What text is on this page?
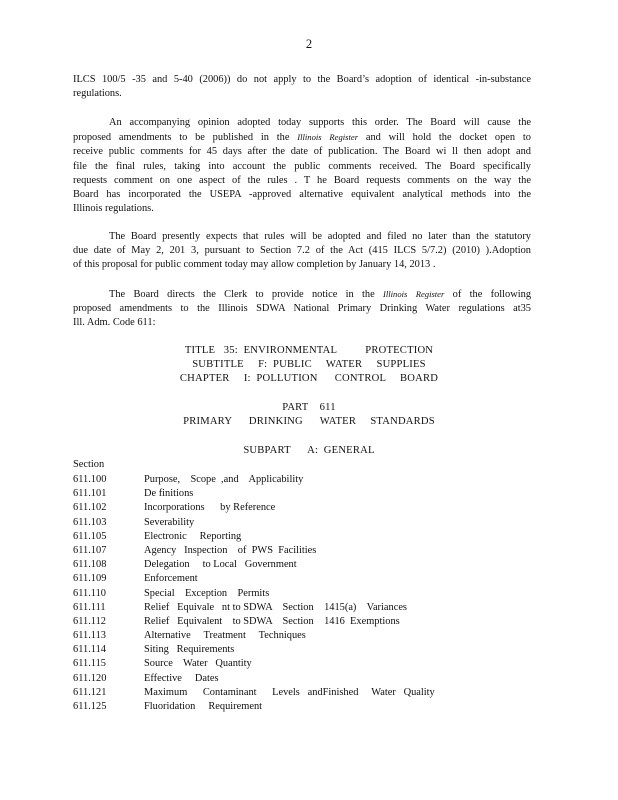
2
ILCS 100/5 -35 and 5-40 (2006)) do not apply to the Board’s adoption of identical -in-substance
regulations.
An accompanying opinion adopted today supports this order. The Board will cause the
proposed amendments to be published in the Illinois Register and will hold the docket open to
receive public comments for 45 days after the date of publication. The Board wi ll then adopt and
file the final rules, taking into account the public comments received. The Board specifically
requests comment on one aspect of the rules . T he Board requests comments on the way the
Board has incorporated the USEPA -approved alternative equivalent analytical methods into the
Illinois regulations.
The Board presently expects that rules will be adopted and filed no later than the statutory
due date of May 2, 201 3, pursuant to Section 7.2 of the Act (415 ILCS 5/7.2) (2010) ).Adoption
of this proposal for public comment today may allow completion by January 14, 2013 .
The Board directs the Clerk to provide notice in the Illinois Register of the following
proposed amendments to the Illinois SDWA National Primary Drinking Water regulations at35
Ill. Adm. Code 611:
TITLE   35:  ENVIRONMENTAL          PROTECTION
SUBTITLE     F:  PUBLIC     WATER     SUPPLIES
CHAPTER     I:  POLLUTION      CONTROL     BOARD
PART    611
PRIMARY      DRINKING      WATER     STANDARDS
SUBPART      A:  GENERAL
Section
611.100	Purpose,    Scope  ,and    Applicability
611.101	De finitions
611.102	Incorporations      by Reference
611.103	Severability
611.105	Electronic     Reporting
611.107	Agency   Inspection    of  PWS  Facilities
611.108	Delegation     to Local   Government
611.109	Enforcement
611.110	Special    Exception    Permits
611.111	Relief   Equivale   nt to SDWA    Section    1415(a)    Variances
611.112	Relief   Equivalent    to SDWA    Section    1416  Exemptions
611.113	Alternative     Treatment     Techniques
611.114	Siting   Requirements
611.115	Source    Water   Quantity
611.120	Effective     Dates
611.121	Maximum      Contaminant      Levels   andFinished     Water   Quality
611.125	Fluoridation     Requirement
